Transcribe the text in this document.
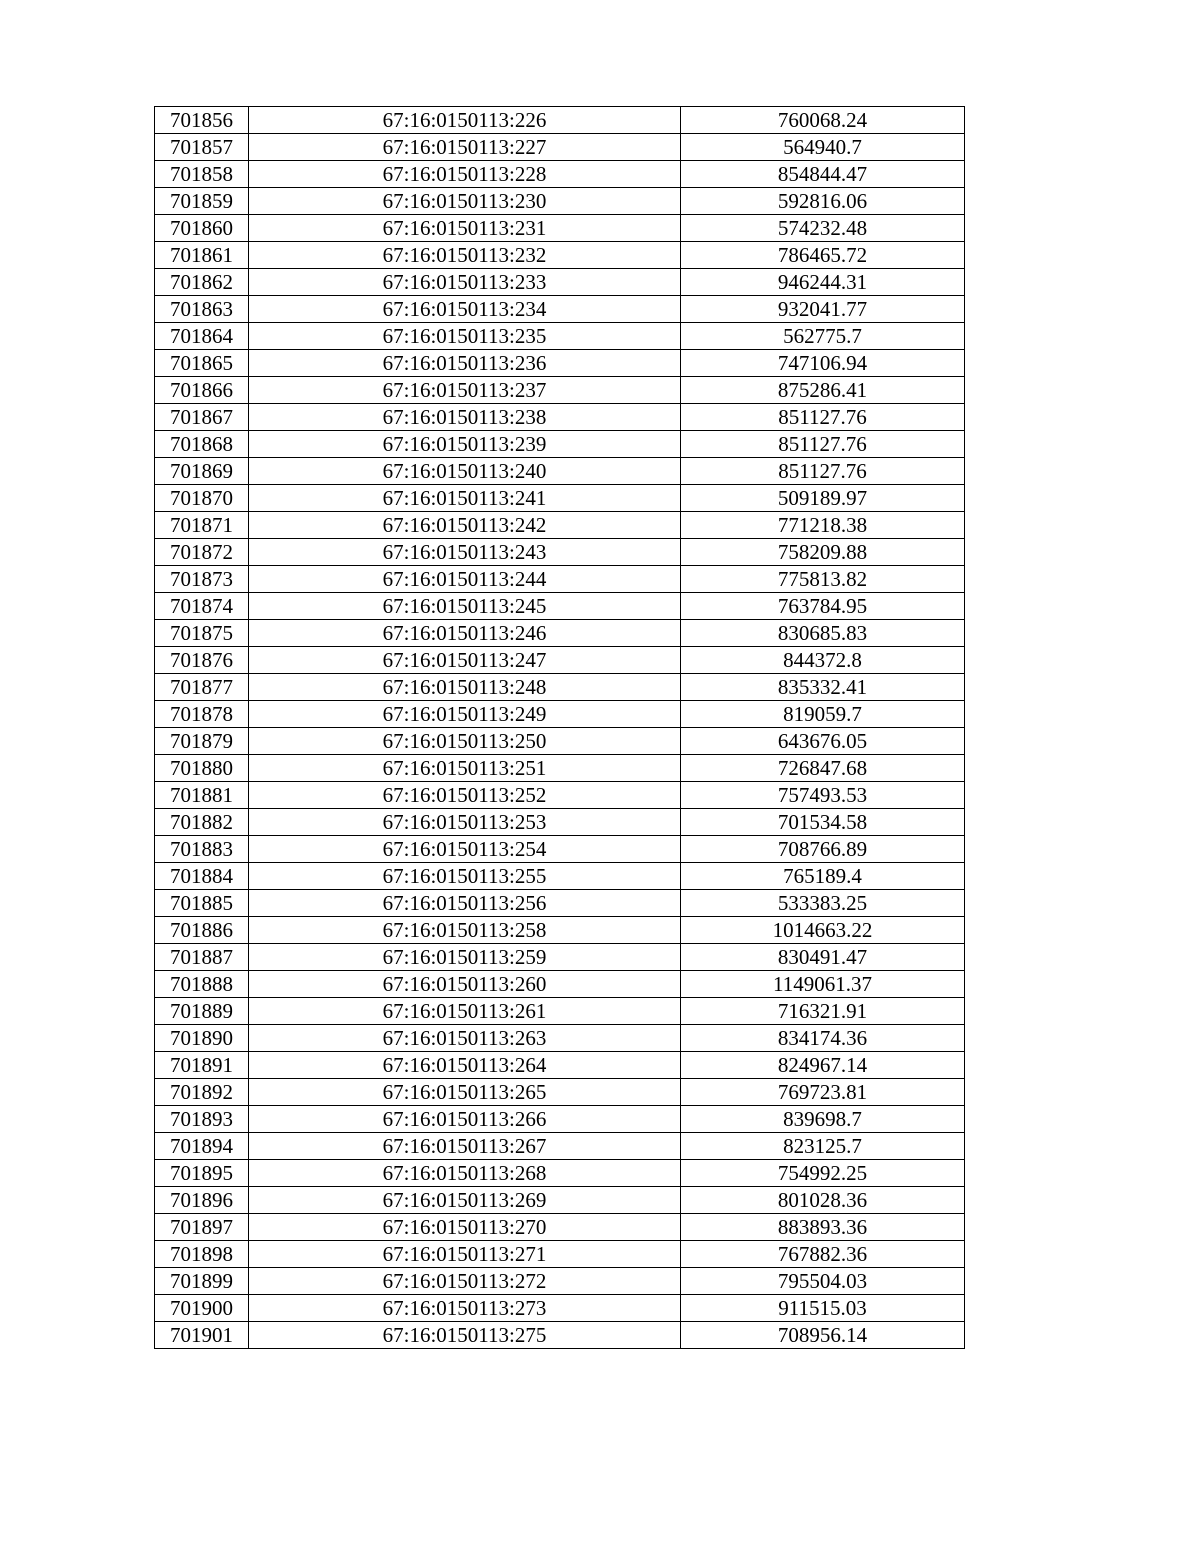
701856	67:16:0150113:226	760068.24
701857	67:16:0150113:227	564940.7
701858	67:16:0150113:228	854844.47
701859	67:16:0150113:230	592816.06
701860	67:16:0150113:231	574232.48
701861	67:16:0150113:232	786465.72
701862	67:16:0150113:233	946244.31
701863	67:16:0150113:234	932041.77
701864	67:16:0150113:235	562775.7
701865	67:16:0150113:236	747106.94
701866	67:16:0150113:237	875286.41
701867	67:16:0150113:238	851127.76
701868	67:16:0150113:239	851127.76
701869	67:16:0150113:240	851127.76
701870	67:16:0150113:241	509189.97
701871	67:16:0150113:242	771218.38
701872	67:16:0150113:243	758209.88
701873	67:16:0150113:244	775813.82
701874	67:16:0150113:245	763784.95
701875	67:16:0150113:246	830685.83
701876	67:16:0150113:247	844372.8
701877	67:16:0150113:248	835332.41
701878	67:16:0150113:249	819059.7
701879	67:16:0150113:250	643676.05
701880	67:16:0150113:251	726847.68
701881	67:16:0150113:252	757493.53
701882	67:16:0150113:253	701534.58
701883	67:16:0150113:254	708766.89
701884	67:16:0150113:255	765189.4
701885	67:16:0150113:256	533383.25
701886	67:16:0150113:258	1014663.22
701887	67:16:0150113:259	830491.47
701888	67:16:0150113:260	1149061.37
701889	67:16:0150113:261	716321.91
701890	67:16:0150113:263	834174.36
701891	67:16:0150113:264	824967.14
701892	67:16:0150113:265	769723.81
701893	67:16:0150113:266	839698.7
701894	67:16:0150113:267	823125.7
701895	67:16:0150113:268	754992.25
701896	67:16:0150113:269	801028.36
701897	67:16:0150113:270	883893.36
701898	67:16:0150113:271	767882.36
701899	67:16:0150113:272	795504.03
701900	67:16:0150113:273	911515.03
701901	67:16:0150113:275	708956.14
